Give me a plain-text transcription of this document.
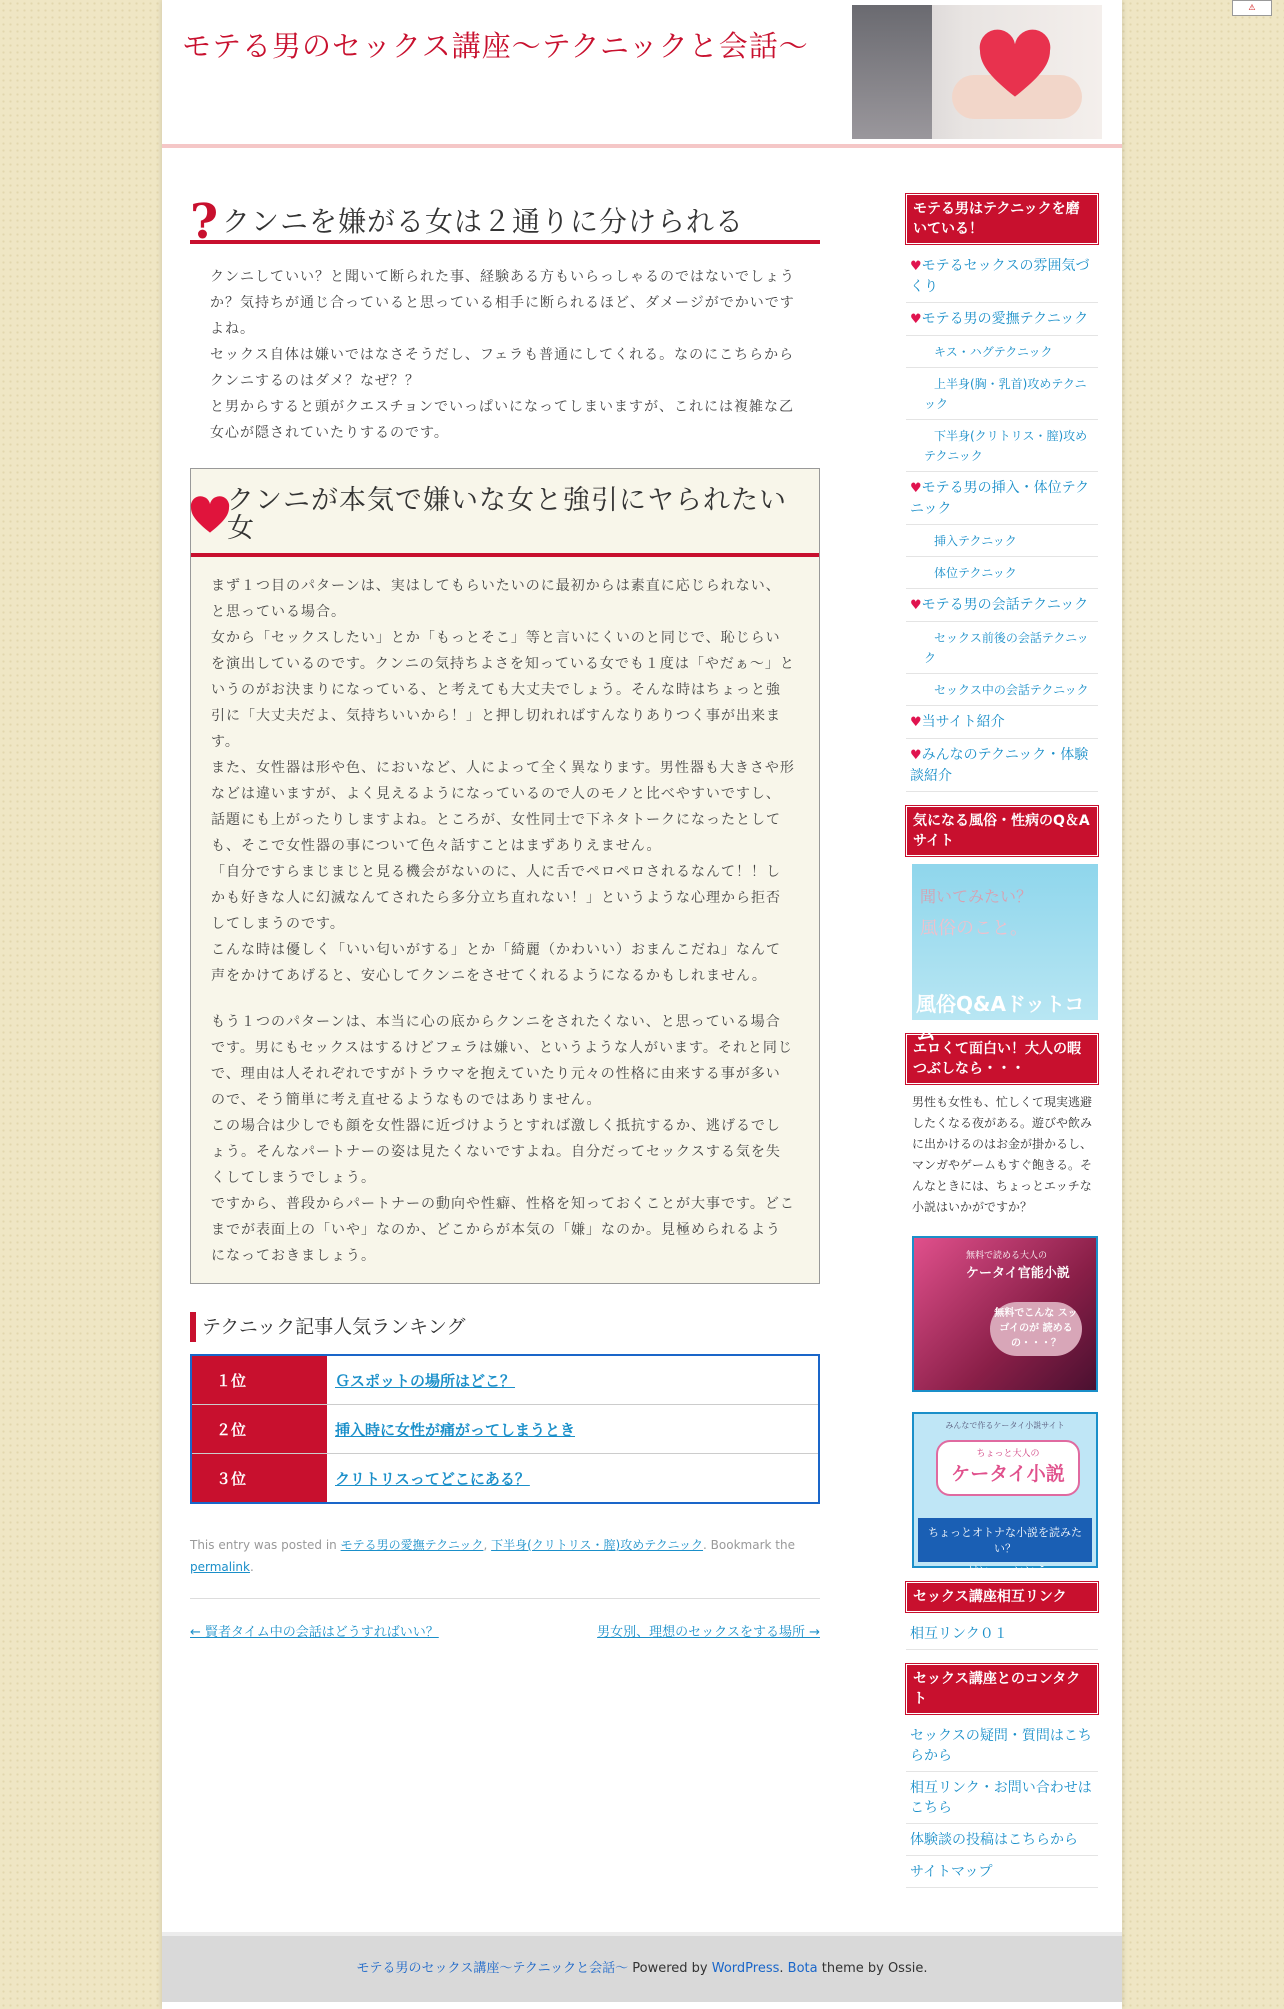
⚠
モテる男のセックス講座～テクニックと会話～
? クンニを嫌がる女は２通りに分けられる

クンニしていい？と聞いて断られた事、経験ある方もいらっしゃるのではないでしょうか？気持ちが通じ合っていると思っている相手に断られるほど、ダメージがでかいですよね。

セックス自体は嫌いではなさそうだし、フェラも普通にしてくれる。なのにこちらからクンニするのはダメ？なぜ？？

と男からすると頭がクエスチョンでいっぱいになってしまいますが、これには複雑な乙女心が隠されていたりするのです。

クンニが本気で嫌いな女と強引にヤられたい女

まず１つ目のパターンは、実はしてもらいたいのに最初からは素直に応じられない、と思っている場合。

女から「セックスしたい」とか「もっとそこ」等と言いにくいのと同じで、恥じらいを演出しているのです。クンニの気持ちよさを知っている女でも１度は「やだぁ～」というのがお決まりになっている、と考えても大丈夫でしょう。そんな時はちょっと強引に「大丈夫だよ、気持ちいいから！」と押し切れればすんなりありつく事が出来ます。

また、女性器は形や色、においなど、人によって全く異なります。男性器も大きさや形などは違いますが、よく見えるようになっているので人のモノと比べやすいですし、話題にも上がったりしますよね。ところが、女性同士で下ネタトークになったとしても、そこで女性器の事について色々話すことはまずありえません。

「自分ですらまじまじと見る機会がないのに、人に舌でペロペロされるなんて！！しかも好きな人に幻滅なんてされたら多分立ち直れない！」というような心理から拒否してしまうのです。

こんな時は優しく「いい匂いがする」とか「綺麗（かわいい）おまんこだね」なんて声をかけてあげると、安心してクンニをさせてくれるようになるかもしれません。

もう１つのパターンは、本当に心の底からクンニをされたくない、と思っている場合です。男にもセックスはするけどフェラは嫌い、というような人がいます。それと同じで、理由は人それぞれですがトラウマを抱えていたり元々の性格に由来する事が多いので、そう簡単に考え直せるようなものではありません。

この場合は少しでも顔を女性器に近づけようとすれば激しく抵抗するか、逃げるでしょう。そんなパートナーの姿は見たくないですよね。自分だってセックスする気を失くしてしまうでしょう。

ですから、普段からパートナーの動向や性癖、性格を知っておくことが大事です。どこまでが表面上の「いや」なのか、どこからが本気の「嫌」なのか。見極められるようになっておきましょう。

テクニック記事人気ランキング
１位	Ｇスポットの場所はどこ？
２位	挿入時に女性が痛がってしまうとき
３位	クリトリスってどこにある？
This entry was posted in モテる男の愛撫テクニック, 下半身(クリトリス・膣)攻めテクニック. Bookmark the
permalink.
← 賢者タイム中の会話はどうすればいい？	男女別、理想のセックスをする場所 →
モテる男はテクニックを磨いている！
♥モテるセックスの雰囲気づくり
♥モテる男の愛撫テクニック
キス・ハグテクニック
上半身(胸・乳首)攻めテクニック
下半身(クリトリス・膣)攻めテクニック
♥モテる男の挿入・体位テクニック
挿入テクニック
体位テクニック
♥モテる男の会話テクニック
セックス前後の会話テクニック
セックス中の会話テクニック
♥当サイト紹介
♥みんなのテクニック・体験談紹介
気になる風俗・性病のQ＆Aサイト
聞いてみたい？
風俗のこと。
風俗Q&Aドットコム
エロくて面白い！大人の暇つぶしなら・・・
男性も女性も、忙しくて現実逃避したくなる夜がある。遊びや飲みに出かけるのはお金が掛かるし、マンガやゲームもすぐ飽きる。そんなときには、ちょっとエッチな小説はいかがですか？
無料で読める大人の
ケータイ官能小説
無料でこんな スッゴイのが 読めるの・・・？
みんなで作るケータイ小説サイト
ちょっと大人の
ケータイ小説
ちょっとオトナな小説を読みたい？
▸はい いいえ
セックス講座相互リンク
相互リンク０１
セックス講座とのコンタクト
セックスの疑問・質問はこちらから
相互リンク・お問い合わせはこちら
体験談の投稿はこちらから
サイトマップ
モテる男のセックス講座～テクニックと会話～ Powered by WordPress. Bota theme by Ossie.
